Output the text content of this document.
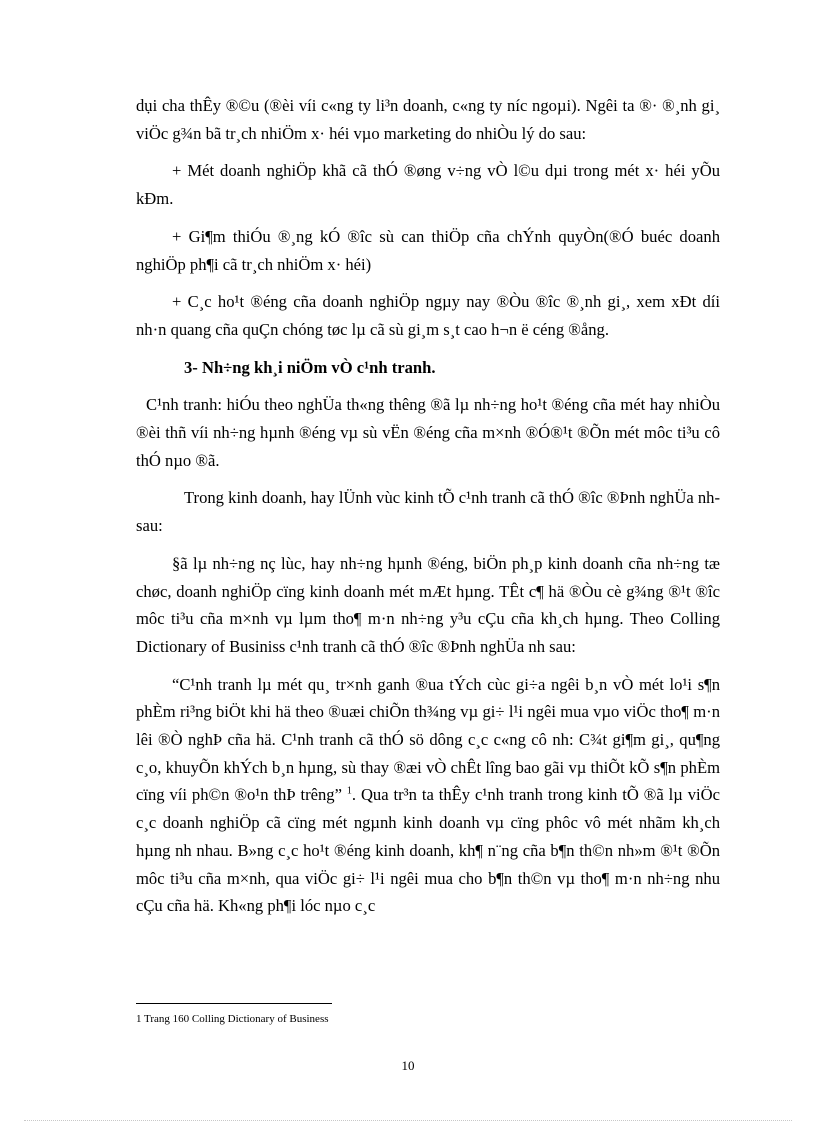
dụi cha thÊy ®©u (®èi víi c«ng ty li³n doanh, c«ng ty níc ngoµi). Ngêi ta ®· ®¸nh gi¸ viÖc g¾n bã tr¸ch nhiÖm x· héi vµo marketing do nhiÒu lý do sau:

+ Mét doanh nghiÖp khã cã thÓ ®øng v÷ng vÒ l©u dµi trong mét x· héi yÕu kÐm.

+ Gi¶m thiÓu ®¸ng kÓ ®îc sù can thiÖp cña chÝnh quyÒn(®Ó buéc doanh nghiÖp ph¶i cã tr¸ch nhiÖm x· héi)

+ C¸c ho¹t ®éng cña doanh nghiÖp ngµy nay ®Òu ®îc ®¸nh gi¸, xem xÐt díi nh·n quang cña quÇn chóng tøc lµ cã sù gi¸m s¸t cao h¬n ë céng ®ång.

3- Nh÷ng kh¸i niÖm vÒ c¹nh tranh.

C¹nh tranh: hiÓu theo nghÜa th«ng thêng ®ã lµ nh÷ng ho¹t ®éng cña mét hay nhiÒu ®èi thñ víi nh÷ng hµnh ®éng vµ sù vËn ®éng cña m×nh ®Ó®¹t ®Õn mét môc ti³u cô thÓ nµo ®ã.

Trong kinh doanh, hay lÜnh vùc kinh tÕ c¹nh tranh cã thÓ ®îc ®Þnh nghÜa nh sau:

§ã lµ nh÷ng nç lùc, hay nh÷ng hµnh ®éng, biÖn ph¸p kinh doanh cña nh÷ng tæ chøc, doanh nghiÖp cïng kinh doanh mét mÆt hµng. TÊt c¶ hä ®Òu cè g¾ng ®¹t ®îc môc ti³u cña m×nh vµ lµm tho¶ m·n nh÷ng y³u cÇu cña kh¸ch hµng. Theo Colling Dictionary of Businiss c¹nh tranh cã thÓ ®îc ®Þnh nghÜa nh sau:

“C¹nh tranh lµ mét qu¸ tr×nh ganh ®ua tÝch cùc gi÷a ngêi b¸n vÒ mét lo¹i s¶n phÈm ri³ng biÖt khi hä theo ®uæi chiÕn th¾ng vµ gi÷ l¹i ngêi mua vµo viÖc tho¶ m·n lêi ®Ò nghÞ cña hä. C¹nh tranh cã thÓ sö dông c¸c c«ng cô nh: C¾t gi¶m gi¸, qu¶ng c¸o, khuyÕn khÝch b¸n hµng, sù thay ®æi vÒ chÊt lîng bao gãi vµ thiÕt kÕ s¶n phÈm cïng víi ph©n ®o¹n thÞ trêng” $^1$. Qua tr³n ta thÊy c¹nh tranh trong kinh tÕ ®ã lµ viÖc c¸c doanh nghiÖp cã cïng mét ngµnh kinh doanh vµ cïng phôc vô mét nhãm kh¸ch hµng nh nhau. B»ng c¸c ho¹t ®éng kinh doanh, kh¶ n¨ng cña b¶n th©n nh»m ®¹t ®Õn môc ti³u cña m×nh, qua viÖc gi÷ l¹i ngêi mua cho b¶n th©n vµ tho¶ m·n nh÷ng nhu cÇu cña hä. Kh«ng ph¶i lóc nµo c¸c

1 Trang 160 Colling Dictionary of Business
10
